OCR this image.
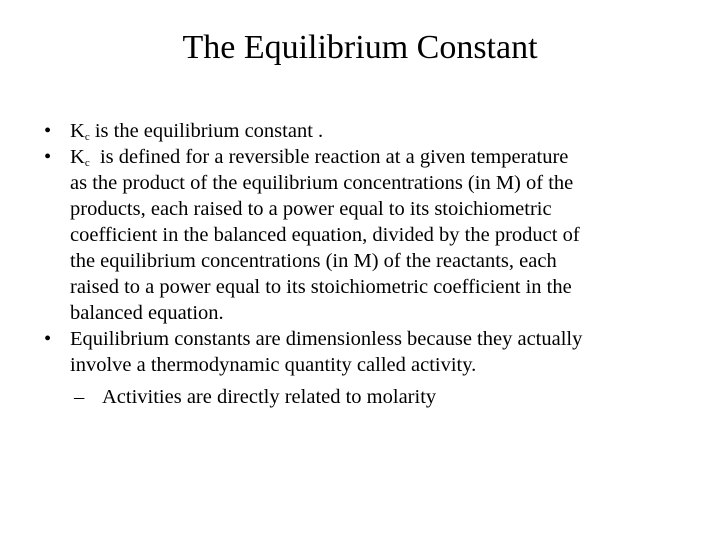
The Equilibrium Constant
• Kc is the equilibrium constant .
• Kc is defined for a reversible reaction at a given temperature
as the product of the equilibrium concentrations (in M) of the
products, each raised to a power equal to its stoichiometric
coefficient in the balanced equation, divided by the product of
the equilibrium concentrations (in M) of the reactants, each
raised to a power equal to its stoichiometric coefficient in the
balanced equation.
• Equilibrium constants are dimensionless because they actually
involve a thermodynamic quantity called activity.
– Activities are directly related to molarity
